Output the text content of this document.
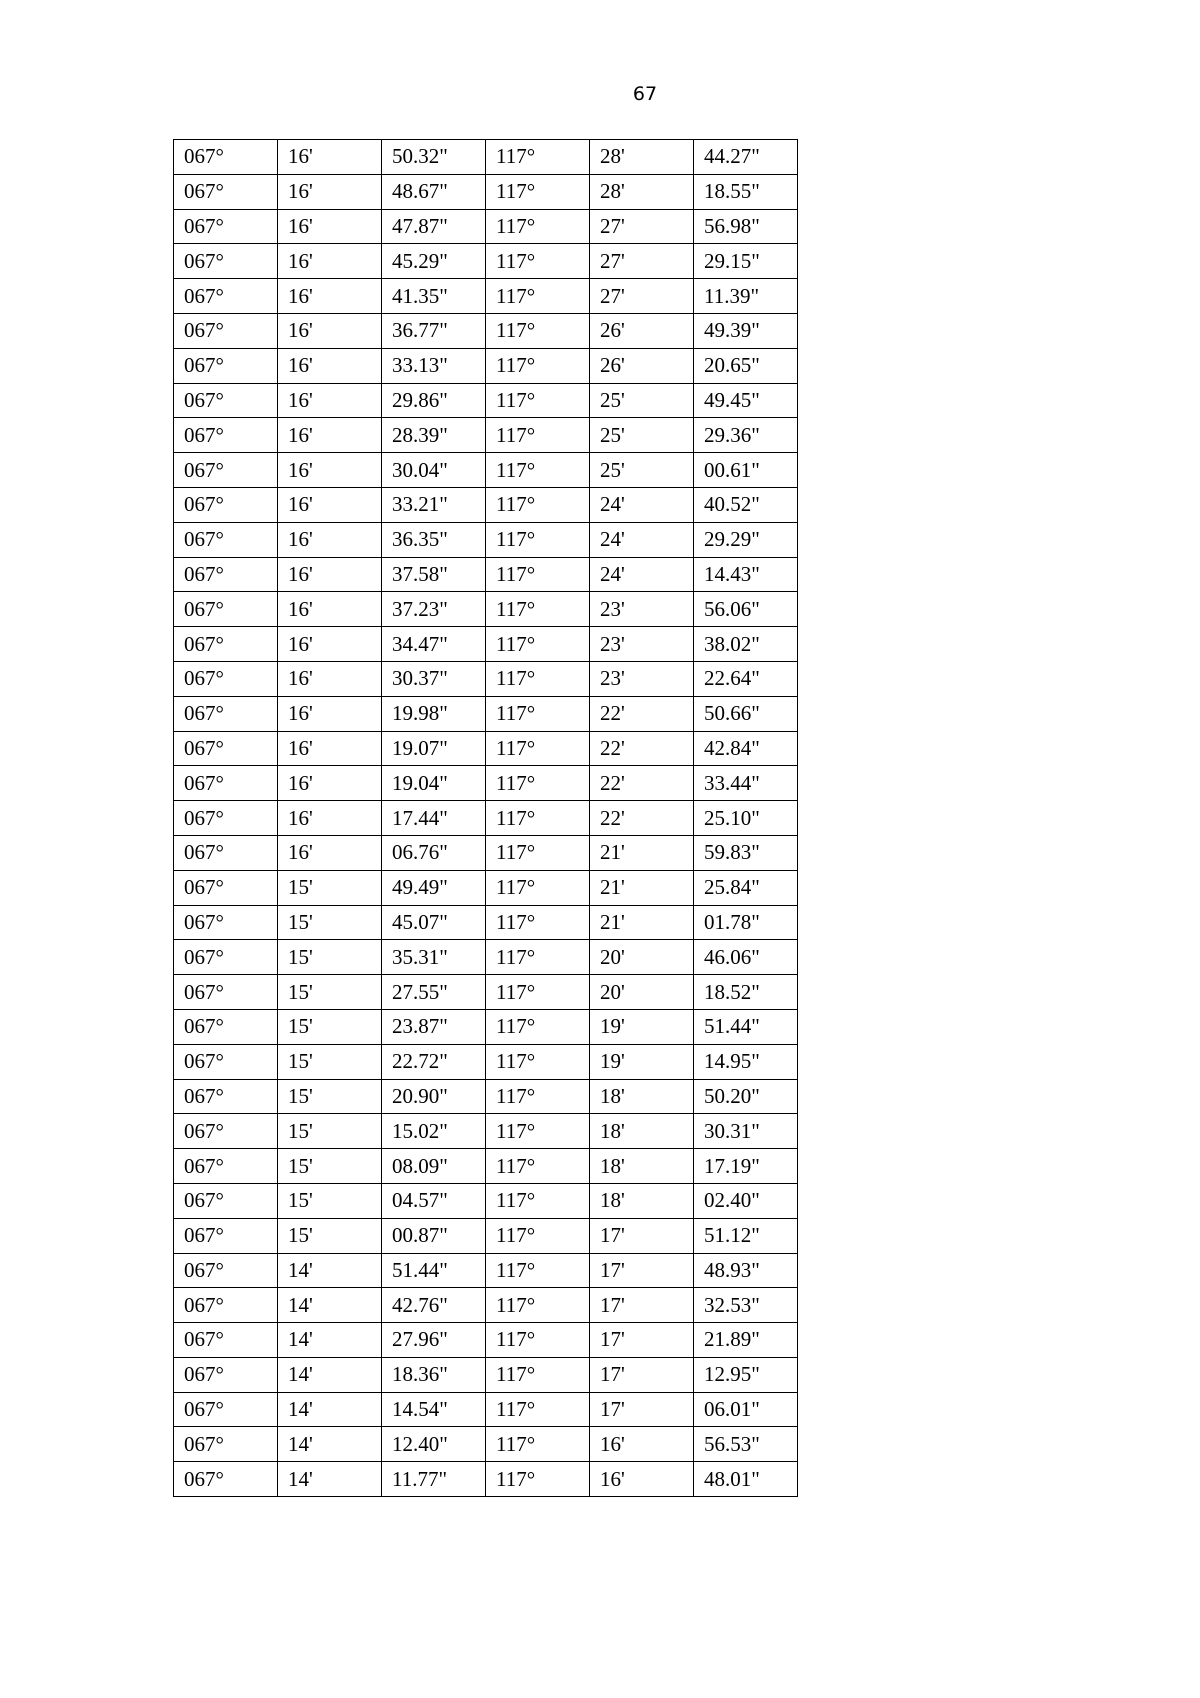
67
067°	16'	50.32"	117°	28'	44.27"
067°	16'	48.67"	117°	28'	18.55"
067°	16'	47.87"	117°	27'	56.98"
067°	16'	45.29"	117°	27'	29.15"
067°	16'	41.35"	117°	27'	11.39"
067°	16'	36.77"	117°	26'	49.39"
067°	16'	33.13"	117°	26'	20.65"
067°	16'	29.86"	117°	25'	49.45"
067°	16'	28.39"	117°	25'	29.36"
067°	16'	30.04"	117°	25'	00.61"
067°	16'	33.21"	117°	24'	40.52"
067°	16'	36.35"	117°	24'	29.29"
067°	16'	37.58"	117°	24'	14.43"
067°	16'	37.23"	117°	23'	56.06"
067°	16'	34.47"	117°	23'	38.02"
067°	16'	30.37"	117°	23'	22.64"
067°	16'	19.98"	117°	22'	50.66"
067°	16'	19.07"	117°	22'	42.84"
067°	16'	19.04"	117°	22'	33.44"
067°	16'	17.44"	117°	22'	25.10"
067°	16'	06.76"	117°	21'	59.83"
067°	15'	49.49"	117°	21'	25.84"
067°	15'	45.07"	117°	21'	01.78"
067°	15'	35.31"	117°	20'	46.06"
067°	15'	27.55"	117°	20'	18.52"
067°	15'	23.87"	117°	19'	51.44"
067°	15'	22.72"	117°	19'	14.95"
067°	15'	20.90"	117°	18'	50.20"
067°	15'	15.02"	117°	18'	30.31"
067°	15'	08.09"	117°	18'	17.19"
067°	15'	04.57"	117°	18'	02.40"
067°	15'	00.87"	117°	17'	51.12"
067°	14'	51.44"	117°	17'	48.93"
067°	14'	42.76"	117°	17'	32.53"
067°	14'	27.96"	117°	17'	21.89"
067°	14'	18.36"	117°	17'	12.95"
067°	14'	14.54"	117°	17'	06.01"
067°	14'	12.40"	117°	16'	56.53"
067°	14'	11.77"	117°	16'	48.01"
